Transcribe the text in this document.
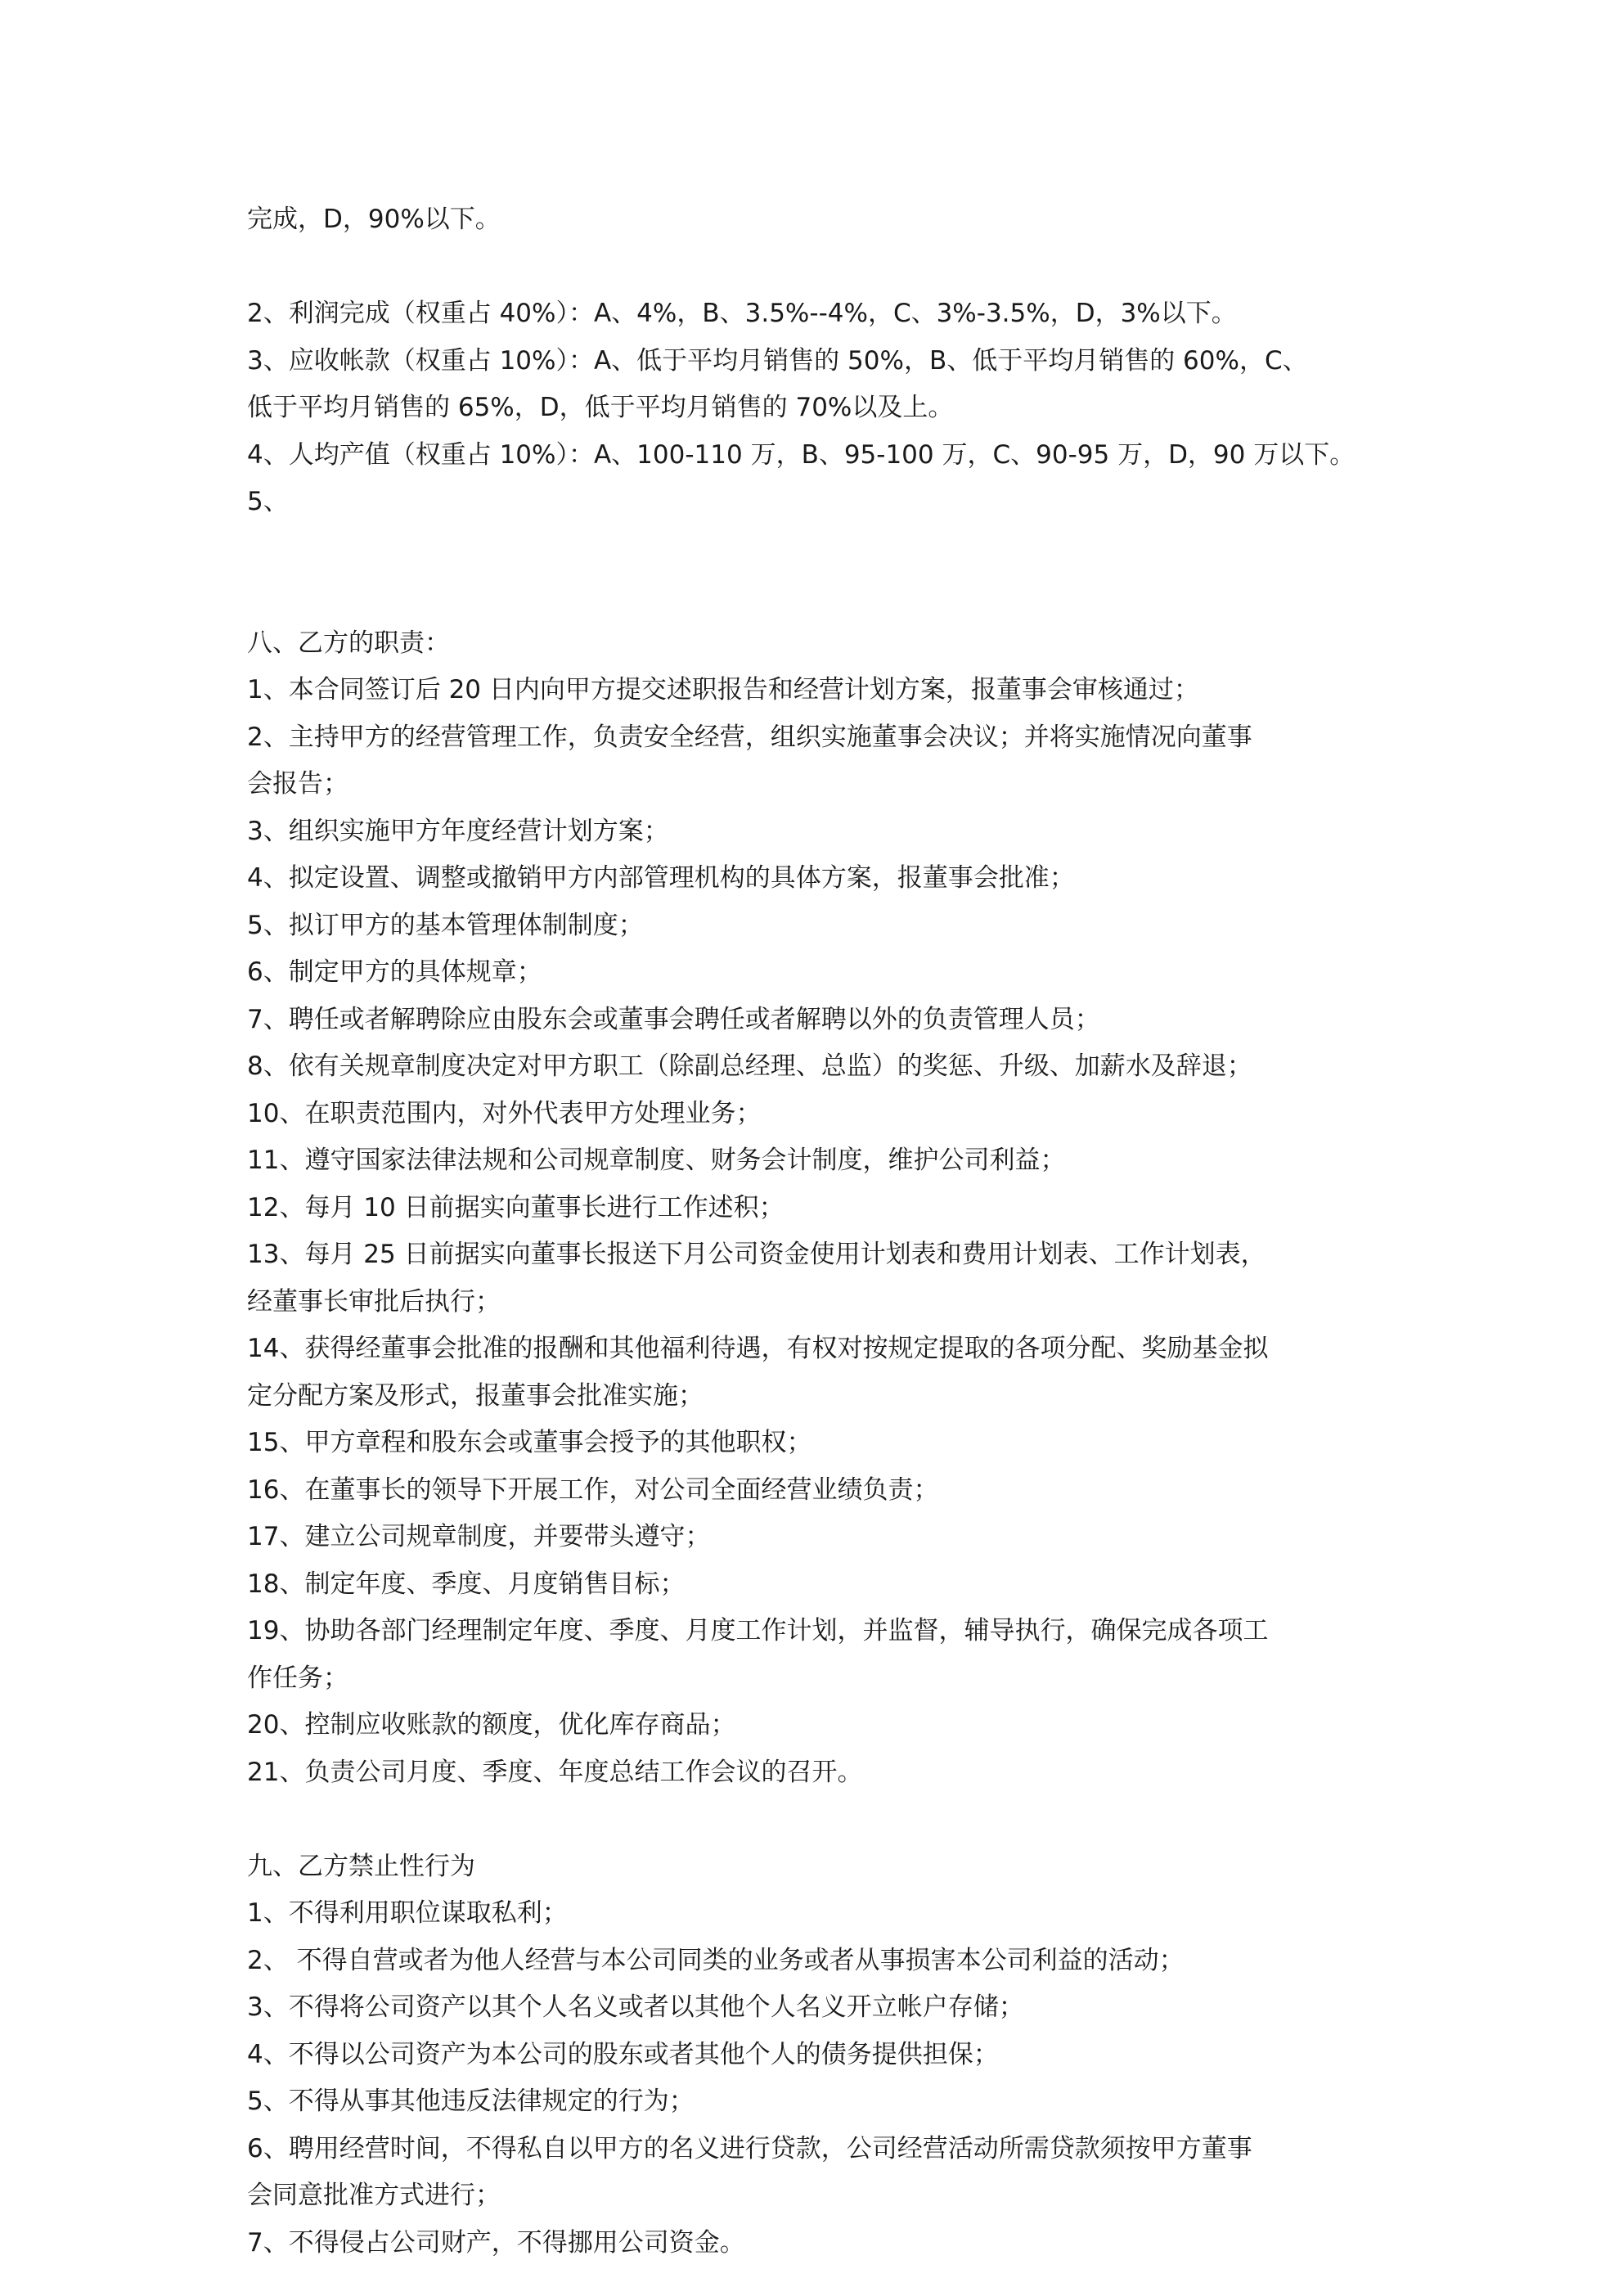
完成，D，90%以下。
2、利润完成（权重占 40%）：A、4%，B、3.5%--4%，C、3%-3.5%，D，3%以下。
3、应收帐款（权重占 10%）：A、低于平均月销售的 50%，B、低于平均月销售的 60%，C、
低于平均月销售的 65%，D，低于平均月销售的 70%以及上。
4、人均产值（权重占 10%）：A、100-110 万，B、95-100 万，C、90-95 万，D，90 万以下。
5、
八、乙方的职责：
1、本合同签订后 20 日内向甲方提交述职报告和经营计划方案，报董事会审核通过；
2、主持甲方的经营管理工作，负责安全经营，组织实施董事会决议；并将实施情况向董事
会报告；
3、组织实施甲方年度经营计划方案；
4、拟定设置、调整或撤销甲方内部管理机构的具体方案，报董事会批准；
5、拟订甲方的基本管理体制制度；
6、制定甲方的具体规章；
7、聘任或者解聘除应由股东会或董事会聘任或者解聘以外的负责管理人员；
8、依有关规章制度决定对甲方职工（除副总经理、总监）的奖惩、升级、加薪水及辞退；
10、在职责范围内，对外代表甲方处理业务；
11、遵守国家法律法规和公司规章制度、财务会计制度，维护公司利益；
12、每月 10 日前据实向董事长进行工作述积；
13、每月 25 日前据实向董事长报送下月公司资金使用计划表和费用计划表、工作计划表，
经董事长审批后执行；
14、获得经董事会批准的报酬和其他福利待遇，有权对按规定提取的各项分配、奖励基金拟
定分配方案及形式，报董事会批准实施；
15、甲方章程和股东会或董事会授予的其他职权；
16、在董事长的领导下开展工作，对公司全面经营业绩负责；
17、建立公司规章制度，并要带头遵守；
18、制定年度、季度、月度销售目标；
19、协助各部门经理制定年度、季度、月度工作计划，并监督，辅导执行，确保完成各项工
作任务；
20、控制应收账款的额度，优化库存商品；
21、负责公司月度、季度、年度总结工作会议的召开。
九、乙方禁止性行为
1、不得利用职位谋取私利；
2、 不得自营或者为他人经营与本公司同类的业务或者从事损害本公司利益的活动；
3、不得将公司资产以其个人名义或者以其他个人名义开立帐户存储；
4、不得以公司资产为本公司的股东或者其他个人的债务提供担保；
5、不得从事其他违反法律规定的行为；
6、聘用经营时间，不得私自以甲方的名义进行贷款，公司经营活动所需贷款须按甲方董事
会同意批准方式进行；
7、不得侵占公司财产，不得挪用公司资金。
